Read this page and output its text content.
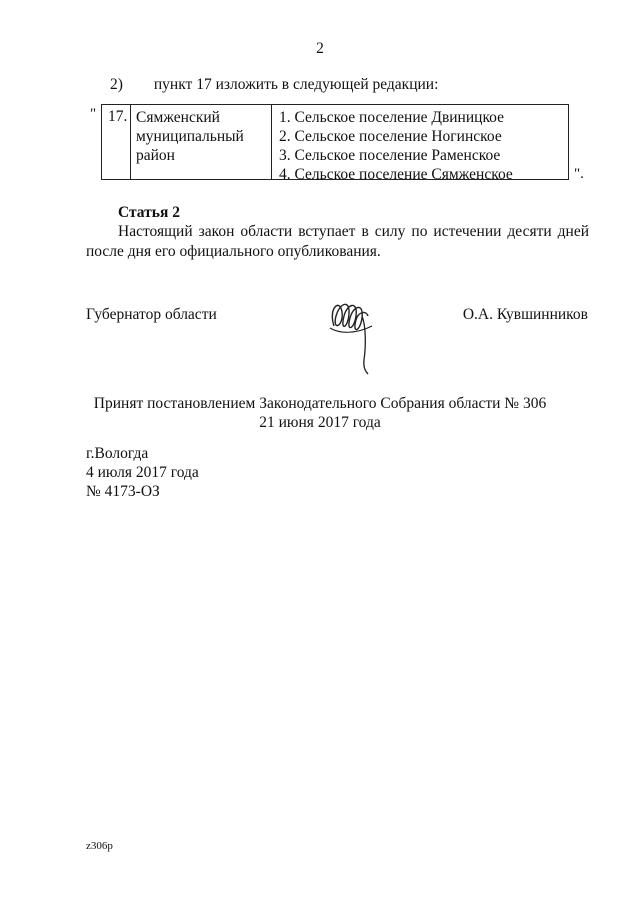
2
2) пункт 17 изложить в следующей редакции:
" 17. Сямженский
муниципальный
район
1. Сельское поселение Двиницкое
2. Сельское поселение Ногинское
3. Сельское поселение Раменское
4. Сельское поселение Сямженское	".
Статья 2
Настоящий закон области вступает в силу по истечении десяти дней после дня его официального опубликования.
Губернатор области	О.А. Кувшинников
Принят постановлением Законодательного Собрания области № 306
21 июня 2017 года
г.Вологда
4 июля 2017 года
№ 4173-ОЗ
z306p
